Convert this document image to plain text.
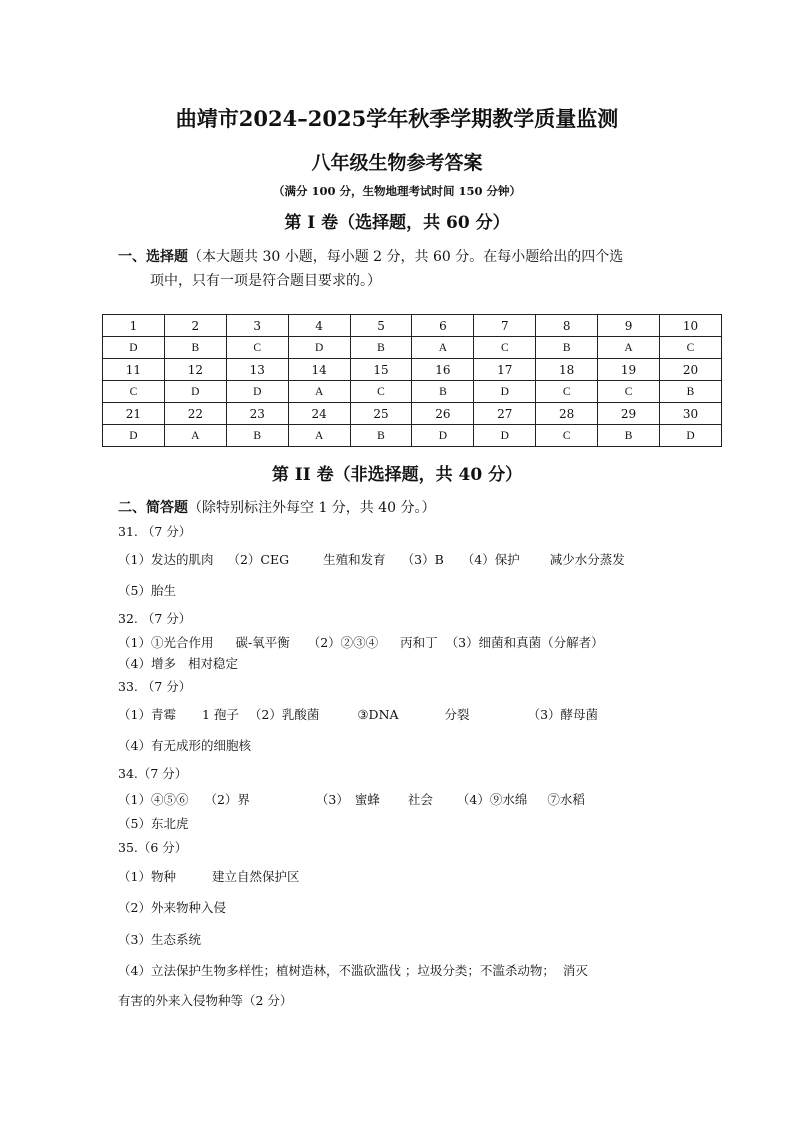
曲靖市2024–2025学年秋季学期教学质量监测
八年级生物参考答案
（满分 100 分，生物地理考试时间 150 分钟）
第 I 卷（选择题，共 60 分）
一、选择题（本大题共 30 小题，每小题 2 分，共 60 分。在每小题给出的四个选
项中，只有一项是符合题目要求的。）
1	2	3	4	5	6	7	8	9	10
D	B	C	D	B	A	C	B	A	C
11	12	13	14	15	16	17	18	19	20
C	D	D	A	C	B	D	C	C	B
21	22	23	24	25	26	27	28	29	30
D	A	B	A	B	D	D	C	B	D
第 II 卷（非选择题，共 40 分）
二、简答题（除特别标注外每空 1 分，共 40 分。）
31. （7 分）
（1）发达的肌肉 （2）CEG	生殖和发育 （3）B （4）保护 减少水分蒸发
（5）胎生
32. （7 分）
（1）①光合作用 碳-氧平衡 （2）②③④ 丙和丁 （3）细菌和真菌（分解者）
（4）增多 相对稳定
33. （7 分）
（1）青霉 1 孢子 （2）乳酸菌	③DNA	分裂	（3）酵母菌
（4）有无成形的细胞核
34.（7 分）
（1）④⑤⑥ （2）界	（3） 蜜蜂 社会 （4）⑨水绵 ⑦水稻
（5）东北虎
35.（6 分）
（1）物种	建立自然保护区
（2）外来物种入侵
（3）生态系统
（4）立法保护生物多样性；植树造林，不滥砍滥伐 ；垃圾分类；不滥杀动物；  消灭
有害的外来入侵物种等（2 分）
